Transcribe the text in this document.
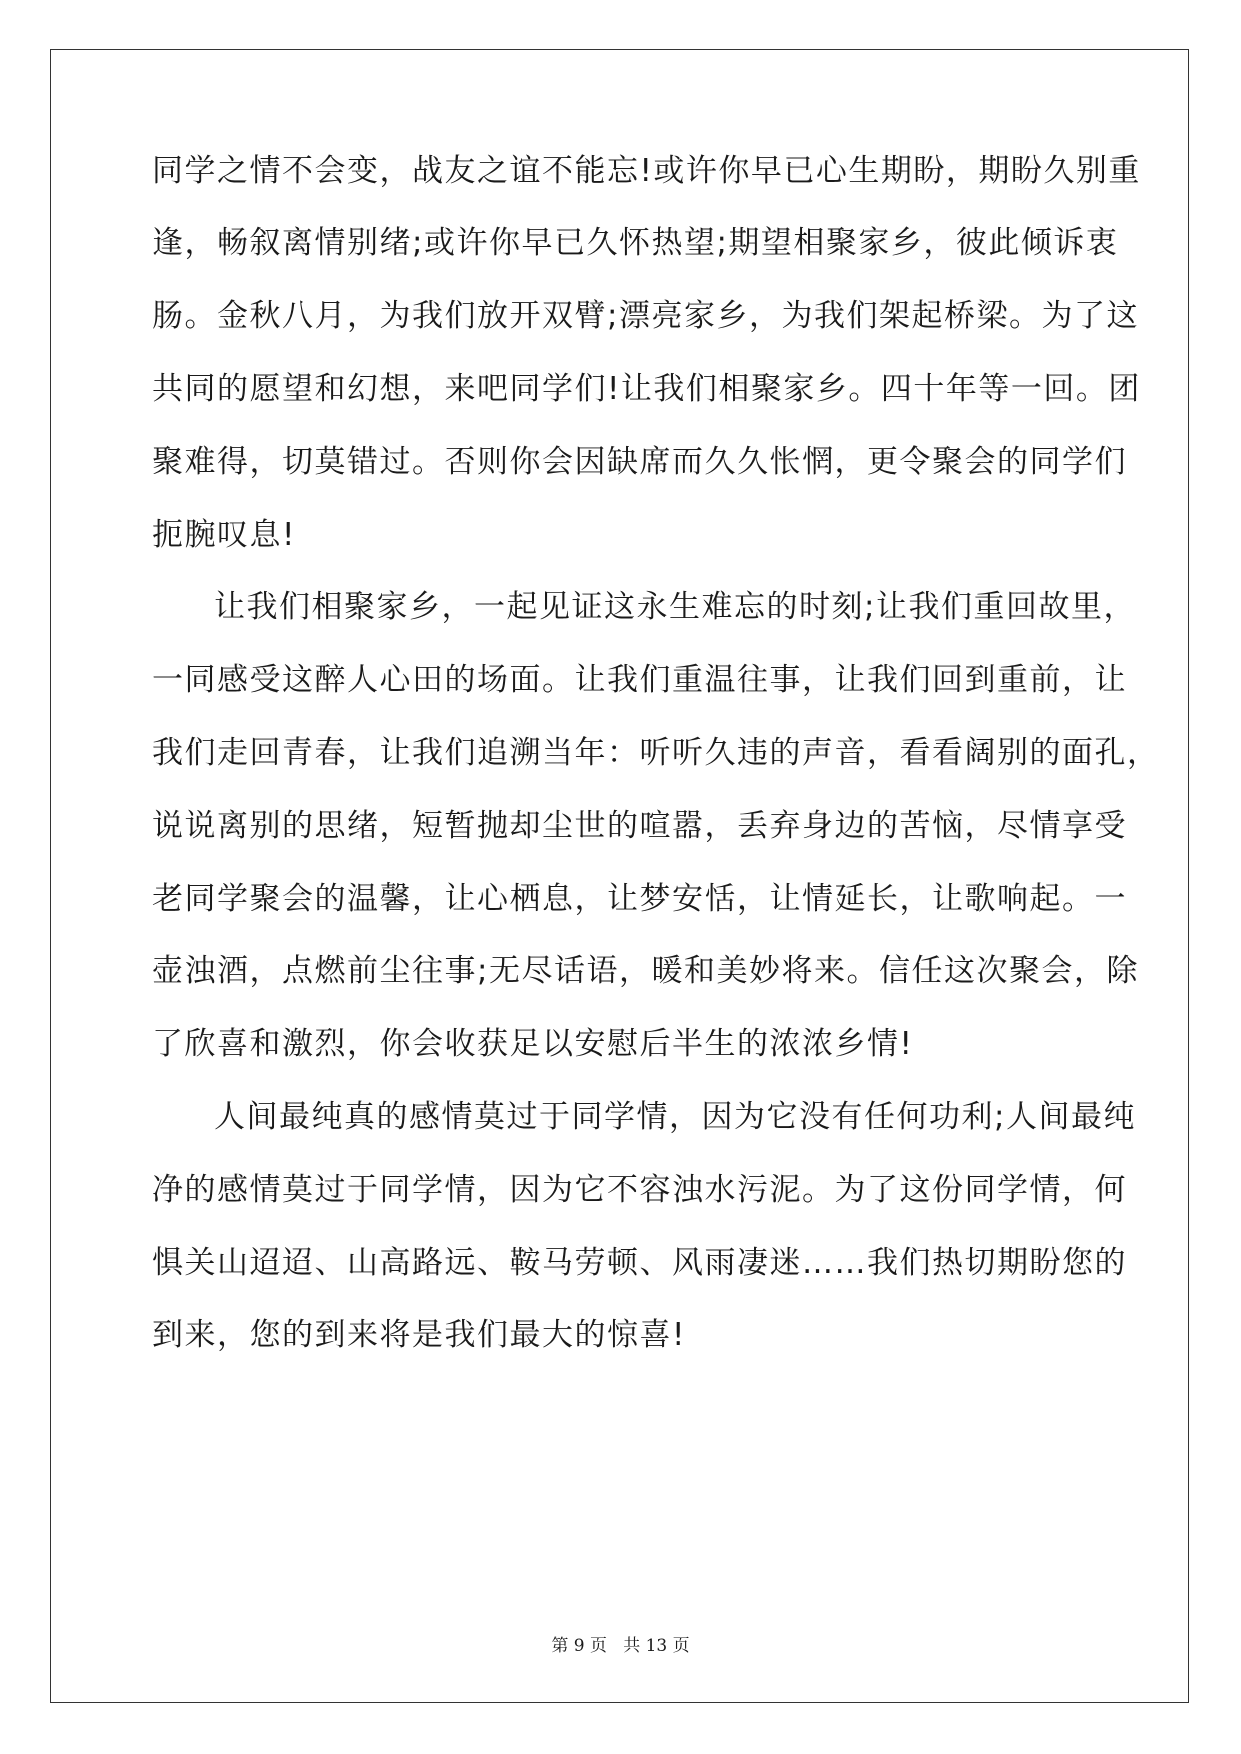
同学之情不会变，战友之谊不能忘!或许你早已心生期盼，期盼久别重
逢，畅叙离情别绪;或许你早已久怀热望;期望相聚家乡，彼此倾诉衷
肠。金秋八月，为我们放开双臂;漂亮家乡，为我们架起桥梁。为了这
共同的愿望和幻想，来吧同学们!让我们相聚家乡。四十年等一回。团
聚难得，切莫错过。否则你会因缺席而久久怅惘，更令聚会的同学们
扼腕叹息!
让我们相聚家乡，一起见证这永生难忘的时刻;让我们重回故里，
一同感受这醉人心田的场面。让我们重温往事，让我们回到重前，让
我们走回青春，让我们追溯当年：听听久违的声音，看看阔别的面孔，
说说离别的思绪，短暂抛却尘世的喧嚣，丢弃身边的苦恼，尽情享受
老同学聚会的温馨，让心栖息，让梦安恬，让情延长，让歌响起。一
壶浊酒，点燃前尘往事;无尽话语，暖和美妙将来。信任这次聚会，除
了欣喜和激烈，你会收获足以安慰后半生的浓浓乡情!
人间最纯真的感情莫过于同学情，因为它没有任何功利;人间最纯
净的感情莫过于同学情，因为它不容浊水污泥。为了这份同学情，何
惧关山迢迢、山高路远、鞍马劳顿、风雨凄迷……我们热切期盼您的
到来，您的到来将是我们最大的惊喜!
第 9 页 共 13 页
